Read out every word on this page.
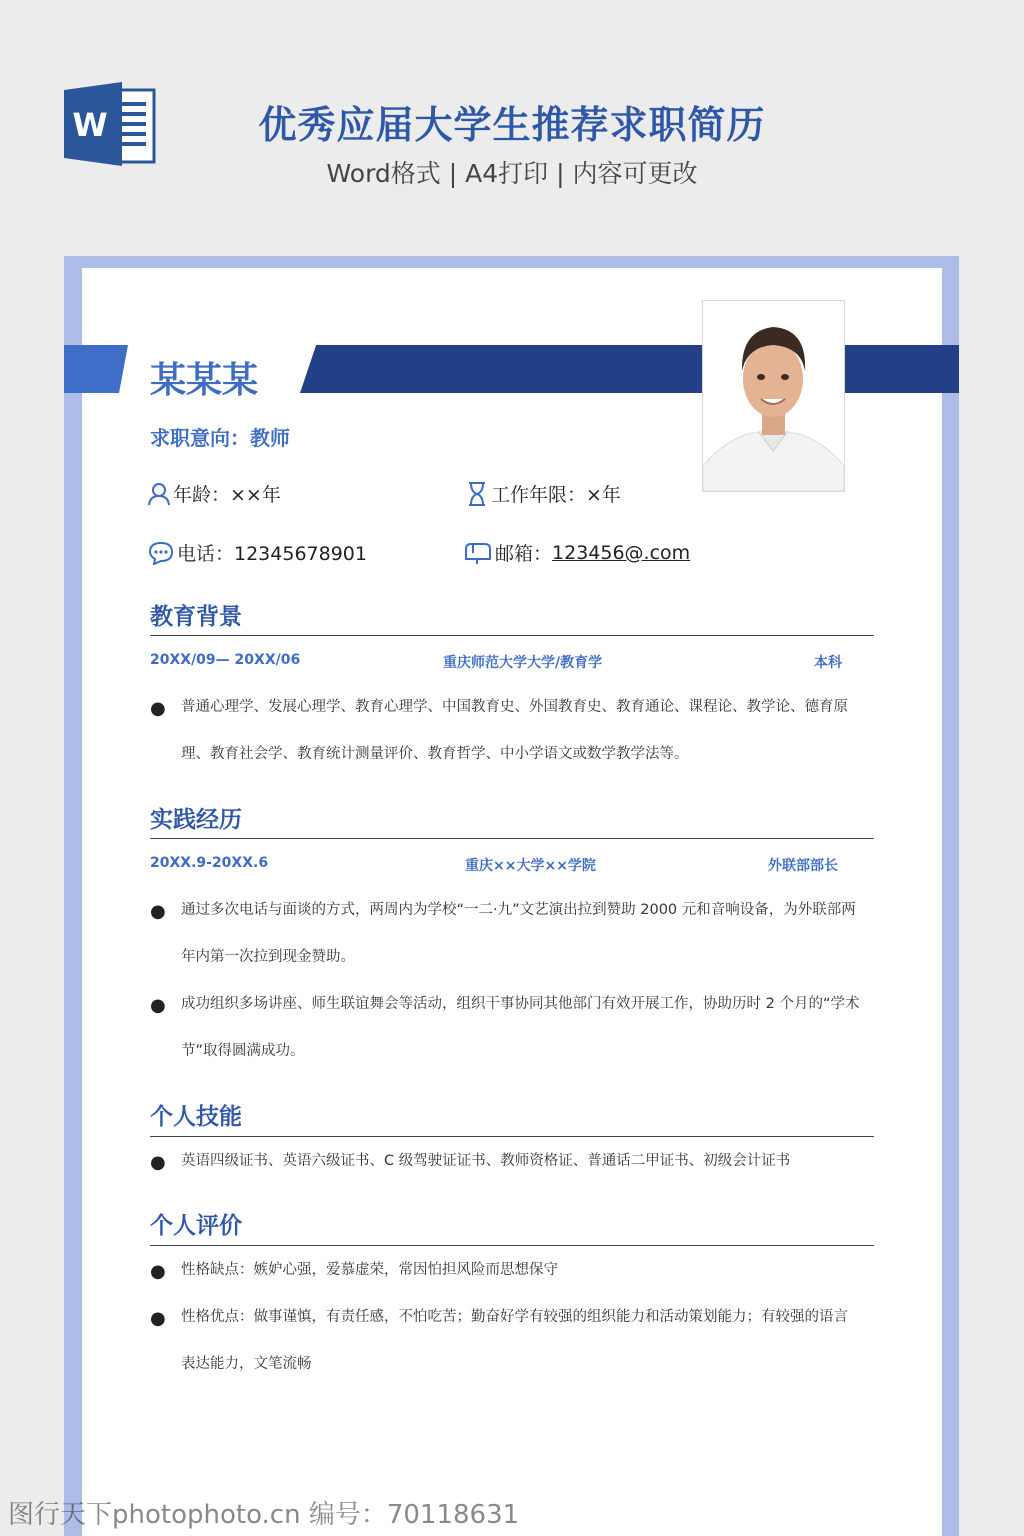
W	优秀应届大学生推荐求职简历
Word格式 | A4打印 | 内容可更改
某某某
求职意向：教师
年龄：××年	工作年限：×年
电话：12345678901	邮箱： 123456@.com
教育背景
20XX/09— 20XX/06	重庆师范大学大学/教育学	本科
● 普通心理学、发展心理学、教育心理学、中国教育史、外国教育史、教育通论、课程论、教学论、德育原
理、教育社会学、教育统计测量评价、教育哲学、中小学语文或数学教学法等。
实践经历
20XX.9-20XX.6	重庆××大学××学院	外联部部长
● 通过多次电话与面谈的方式，两周内为学校“一二·九”文艺演出拉到赞助 2000 元和音响设备，为外联部两
年内第一次拉到现金赞助。
● 成功组织多场讲座、师生联谊舞会等活动，组织干事协同其他部门有效开展工作，协助历时 2 个月的“学术
节”取得圆满成功。
个人技能
● 英语四级证书、英语六级证书、C 级驾驶证证书、教师资格证、普通话二甲证书、初级会计证书
个人评价
● 性格缺点：嫉妒心强，爱慕虚荣，常因怕担风险而思想保守
● 性格优点：做事谨慎，有责任感，不怕吃苦；勤奋好学有较强的组织能力和活动策划能力；有较强的语言
表达能力，文笔流畅
图行天下photophoto.cn 编号：70118631
